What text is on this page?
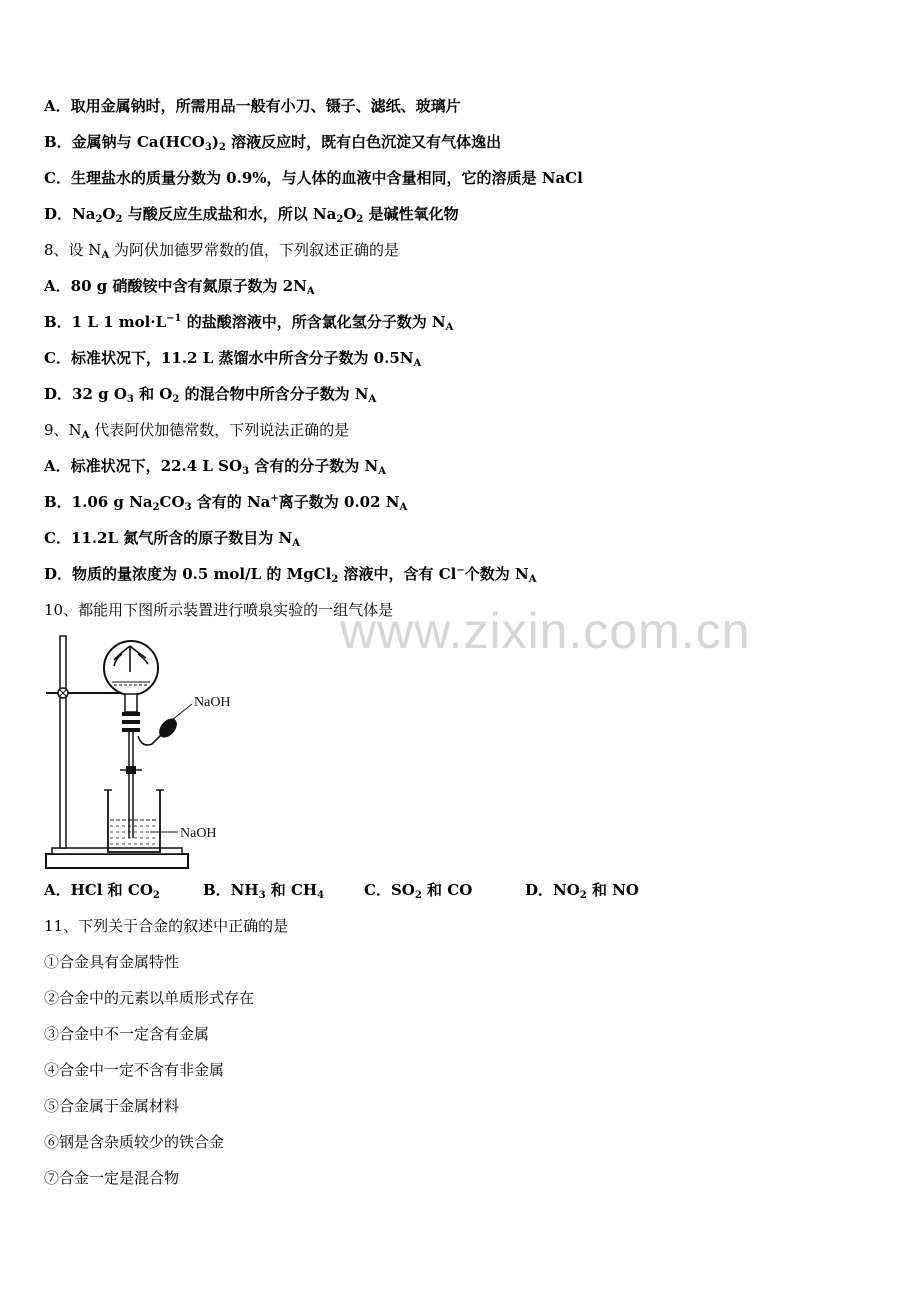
www.zixin.com.cn
A．取用金属钠时，所需用品一般有小刀、镊子、滤纸、玻璃片
B．金属钠与 $Ca(HCO_3)_2$ 溶液反应时，既有白色沉淀又有气体逸出
C．生理盐水的质量分数为 0.9%，与人体的血液中含量相同，它的溶质是 NaCl
D．$Na_2O_2$ 与酸反应生成盐和水，所以 $Na_2O_2$ 是碱性氧化物
8、设 $N_A$ 为阿伏加德罗常数的值，下列叙述正确的是
A．80 g 硝酸铵中含有氮原子数为 $2N_A$
B．1 L 1 $mol\cdot L^{-1}$ 的盐酸溶液中，所含氯化氢分子数为 $N_A$
C．标准状况下，11.2 L 蒸馏水中所含分子数为 $0.5N_A$
D．32 g $O_3$ 和 $O_2$ 的混合物中所含分子数为 $N_A$
9、$N_A$ 代表阿伏加德常数，下列说法正确的是
A．标准状况下，22.4 L $SO_3$ 含有的分子数为 $N_A$
B．1.06 g $Na_2CO_3$ 含有的 Na+离子数为 0.02 $N_A$
C．11.2L 氮气所含的原子数目为 $N_A$
D．物质的量浓度为 0.5 mol/L 的 MgCl$_2$ 溶液中，含有 Cl−个数为 $N_A$
10、都能用下图所示装置进行喷泉实验的一组气体是
NaOH
NaOH
A．HCl 和 $CO_2$	B．$NH_3$ 和 $CH_4$	C．$SO_2$ 和 CO	D．$NO_2$ 和 NO
11、下列关于合金的叙述中正确的是
①合金具有金属特性
②合金中的元素以单质形式存在
③合金中不一定含有金属
④合金中一定不含有非金属
⑤合金属于金属材料
⑥钢是含杂质较少的铁合金
⑦合金一定是混合物
